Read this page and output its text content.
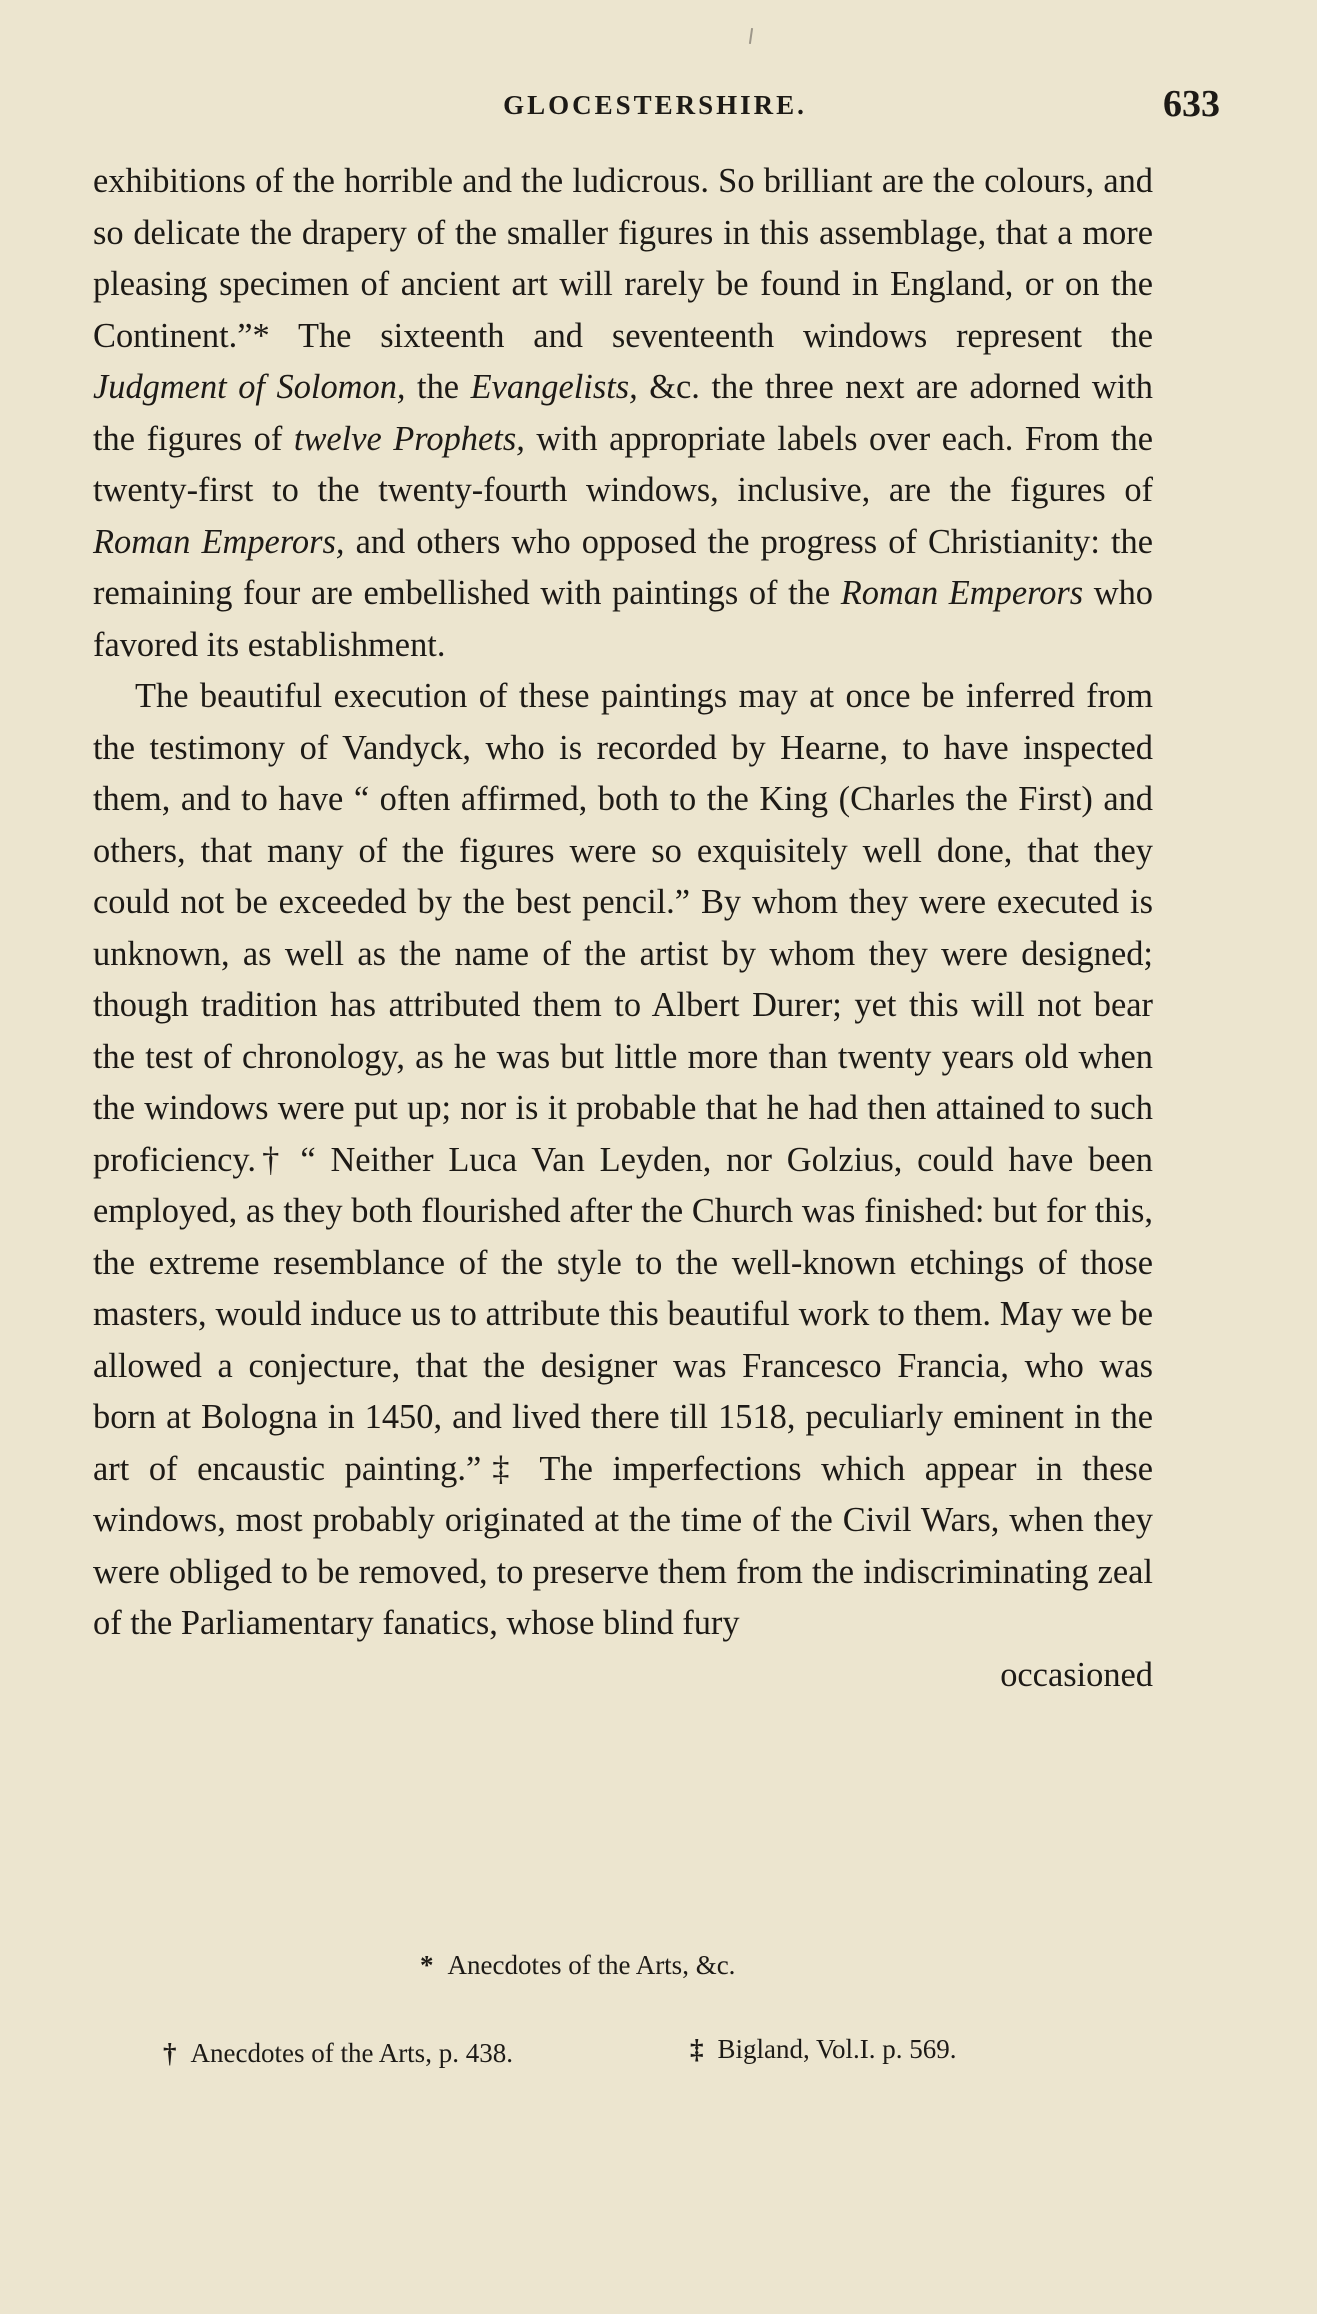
GLOCESTERSHIRE.	633

exhibitions of the horrible and the ludicrous. So brilliant are the colours, and so delicate the drapery of the smaller figures in this assemblage, that a more pleasing specimen of ancient art will rarely be found in England, or on the Continent.”* The sixteenth and seventeenth windows represent the Judgment of Solomon, the Evangelists, &c. the three next are adorned with the figures of twelve Prophets, with appropriate labels over each. From the twenty-first to the twenty-fourth windows, inclusive, are the figures of Roman Emperors, and others who opposed the progress of Christianity: the remaining four are embellished with paintings of the Roman Emperors who favored its establishment.

The beautiful execution of these paintings may at once be inferred from the testimony of Vandyck, who is recorded by Hearne, to have inspected them, and to have “ often affirmed, both to the King (Charles the First) and others, that many of the figures were so exquisitely well done, that they could not be exceeded by the best pencil.” By whom they were executed is unknown, as well as the name of the artist by whom they were designed; though tradition has attributed them to Albert Durer; yet this will not bear the test of chronology, as he was but little more than twenty years old when the windows were put up; nor is it probable that he had then attained to such proficiency.† “ Neither Luca Van Leyden, nor Golzius, could have been employed, as they both flourished after the Church was finished: but for this, the extreme resemblance of the style to the well-known etchings of those masters, would induce us to attribute this beautiful work to them. May we be allowed a conjecture, that the designer was Francesco Francia, who was born at Bologna in 1450, and lived there till 1518, peculiarly eminent in the art of encaustic painting.”‡ The imperfections which appear in these windows, most probably originated at the time of the Civil Wars, when they were obliged to be removed, to preserve them from the indiscriminating zeal of the Parliamentary fanatics, whose blind fury

occasioned

* Anecdotes of the Arts, &c.
† Anecdotes of the Arts, p. 438.	‡ Bigland, Vol.I. p. 569.
